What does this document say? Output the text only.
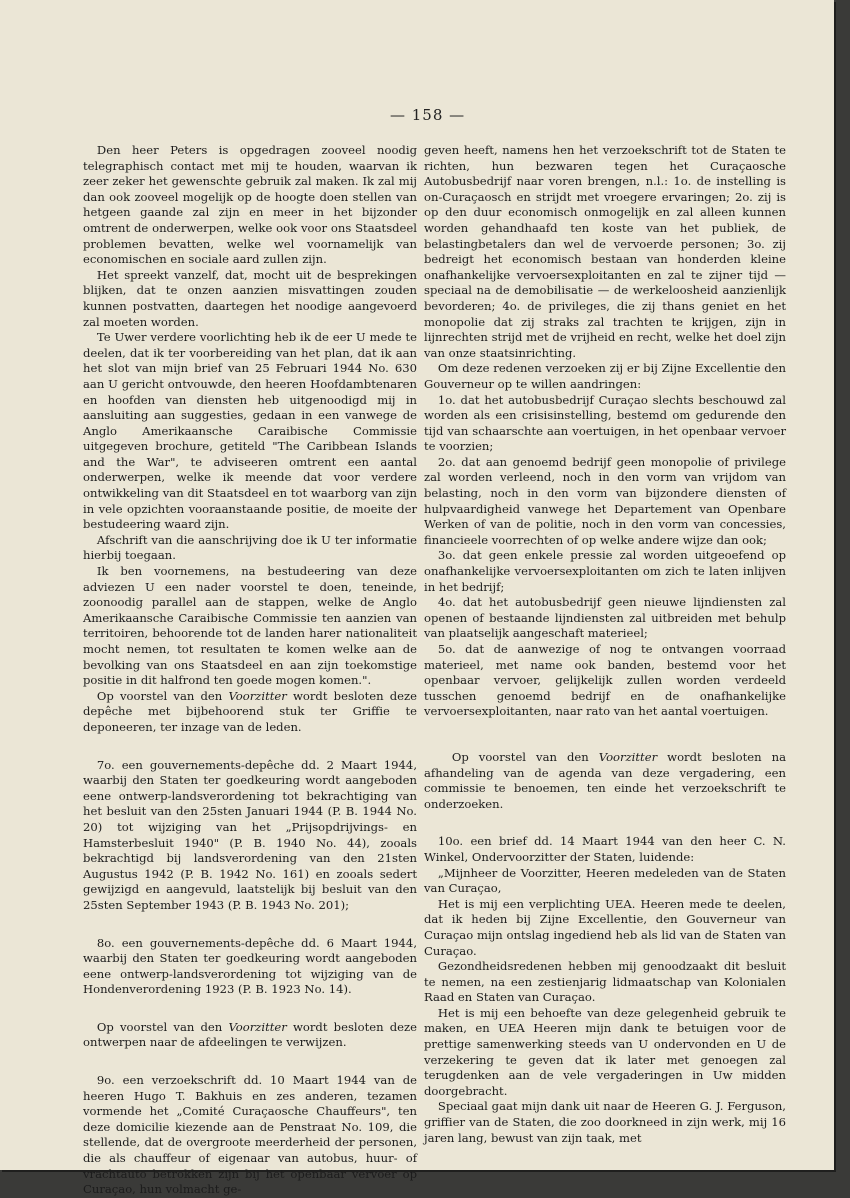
— 158 —

Den heer Peters is opgedragen zooveel noodig telegraphisch contact met mij te houden, waarvan ik zeer zeker het gewenschte gebruik zal maken. Ik zal mij dan ook zooveel mogelijk op de hoogte doen stellen van hetgeen gaande zal zijn en meer in het bijzonder omtrent de onderwerpen, welke ook voor ons Staatsdeel problemen bevatten, welke wel voornamelijk van economischen en sociale aard zullen zijn.

Het spreekt vanzelf, dat, mocht uit de besprekingen blijken, dat te onzen aanzien misvattingen zouden kunnen postvatten, daartegen het noodige aangevoerd zal moeten worden.

Te Uwer verdere voorlichting heb ik de eer U mede te deelen, dat ik ter voorbereiding van het plan, dat ik aan het slot van mijn brief van 25 Februari 1944 No. 630 aan U gericht ontvouwde, den heeren Hoofdambtenaren en hoofden van diensten heb uitgenoodigd mij in aansluiting aan suggesties, gedaan in een vanwege de Anglo Amerikaansche Caraibische Commissie uitgegeven brochure, getiteld "The Caribbean Islands and the War", te adviseeren omtrent een aantal onderwerpen, welke ik meende dat voor verdere ontwikkeling van dit Staatsdeel en tot waarborg van zijn in vele opzichten vooraanstaande positie, de moeite der bestudeering waard zijn.

Afschrift van die aanschrijving doe ik U ter informatie hierbij toegaan.

Ik ben voornemens, na bestudeering van deze adviezen U een nader voorstel te doen, teneinde, zoonoodig parallel aan de stappen, welke de Anglo Amerikaansche Caraibische Commissie ten aanzien van territoiren, behoorende tot de landen harer nationaliteit mocht nemen, tot resultaten te komen welke aan de bevolking van ons Staatsdeel en aan zijn toekomstige positie in dit halfrond ten goede mogen komen.".

Op voorstel van den Voorzitter wordt besloten deze depêche met bijbehoorend stuk ter Griffie te deponeeren, ter inzage van de leden.

7o. een gouvernements-depêche dd. 2 Maart 1944, waarbij den Staten ter goedkeuring wordt aangeboden eene ontwerp-landsverordening tot bekrachtiging van het besluit van den 25sten Januari 1944 (P. B. 1944 No. 20) tot wijziging van het „Prijsopdrijvings- en Hamsterbesluit 1940" (P. B. 1940 No. 44), zooals bekrachtigd bij landsverordening van den 21sten Augustus 1942 (P. B. 1942 No. 161) en zooals sedert gewijzigd en aangevuld, laatstelijk bij besluit van den 25sten September 1943 (P. B. 1943 No. 201);

8o. een gouvernements-depêche dd. 6 Maart 1944, waarbij den Staten ter goedkeuring wordt aangeboden eene ontwerp-landsverordening tot wijziging van de Hondenverordening 1923 (P. B. 1923 No. 14).

Op voorstel van den Voorzitter wordt besloten deze ontwerpen naar de afdeelingen te verwijzen.

9o. een verzoekschrift dd. 10 Maart 1944 van de heeren Hugo T. Bakhuis en zes anderen, tezamen vormende het „Comité Curaçaosche Chauffeurs", ten deze domicilie kiezende aan de Penstraat No. 109, die stellende, dat de overgroote meerderheid der personen, die als chauffeur of eigenaar van autobus, huur- of vrachtauto betrokken zijn bij het openbaar vervoer op Curaçao, hun volmacht ge-

geven heeft, namens hen het verzoekschrift tot de Staten te richten, hun bezwaren tegen het Curaçaosche Autobusbedrijf naar voren brengen, n.l.: 1o. de instelling is on-Curaçaosch en strijdt met vroegere ervaringen; 2o. zij is op den duur economisch onmogelijk en zal alleen kunnen worden gehandhaafd ten koste van het publiek, de belastingbetalers dan wel de vervoerde personen; 3o. zij bedreigt het economisch bestaan van honderden kleine onafhankelijke vervoersexploitanten en zal te zijner tijd — speciaal na de demobilisatie — de werkeloosheid aanzienlijk bevorderen; 4o. de privileges, die zij thans geniet en het monopolie dat zij straks zal trachten te krijgen, zijn in lijnrechten strijd met de vrijheid en recht, welke het doel zijn van onze staatsinrichting.

Om deze redenen verzoeken zij er bij Zijne Excellentie den Gouverneur op te willen aandringen:

1o. dat het autobusbedrijf Curaçao slechts beschouwd zal worden als een crisisinstelling, bestemd om gedurende den tijd van schaarschte aan voertuigen, in het openbaar vervoer te voorzien;

2o. dat aan genoemd bedrijf geen monopolie of privilege zal worden verleend, noch in den vorm van vrijdom van belasting, noch in den vorm van bijzondere diensten of hulpvaardigheid vanwege het Departement van Openbare Werken of van de politie, noch in den vorm van concessies, financieele voorrechten of op welke andere wijze dan ook;

3o. dat geen enkele pressie zal worden uitgeoefend op onafhankelijke vervoersexploitanten om zich te laten inlijven in het bedrijf;

4o. dat het autobusbedrijf geen nieuwe lijndiensten zal openen of bestaande lijndiensten zal uitbreiden met behulp van plaatselijk aangeschaft materieel;

5o. dat de aanwezige of nog te ontvangen voorraad materieel, met name ook banden, bestemd voor het openbaar vervoer, gelijkelijk zullen worden verdeeld tusschen genoemd bedrijf en de onafhankelijke vervoersexploitanten, naar rato van het aantal voertuigen.

Op voorstel van den Voorzitter wordt besloten na afhandeling van de agenda van deze vergadering, een commissie te benoemen, ten einde het verzoekschrift te onderzoeken.

10o. een brief dd. 14 Maart 1944 van den heer C. N. Winkel, Ondervoorzitter der Staten, luidende:

„Mijnheer de Voorzitter, Heeren medeleden van de Staten van Curaçao,

Het is mij een verplichting UEA. Heeren mede te deelen, dat ik heden bij Zijne Excellentie, den Gouverneur van Curaçao mijn ontslag ingediend heb als lid van de Staten van Curaçao.

Gezondheidsredenen hebben mij genoodzaakt dit besluit te nemen, na een zestienjarig lidmaatschap van Kolonialen Raad en Staten van Curaçao.

Het is mij een behoefte van deze gelegenheid gebruik te maken, en UEA Heeren mijn dank te betuigen voor de prettige samenwerking steeds van U ondervonden en U de verzekering te geven dat ik later met genoegen zal terugdenken aan de vele vergaderingen in Uw midden doorgebracht.

Speciaal gaat mijn dank uit naar de Heeren G. J. Ferguson, griffier van de Staten, die zoo doorkneed in zijn werk, mij 16 jaren lang, bewust van zijn taak, met
